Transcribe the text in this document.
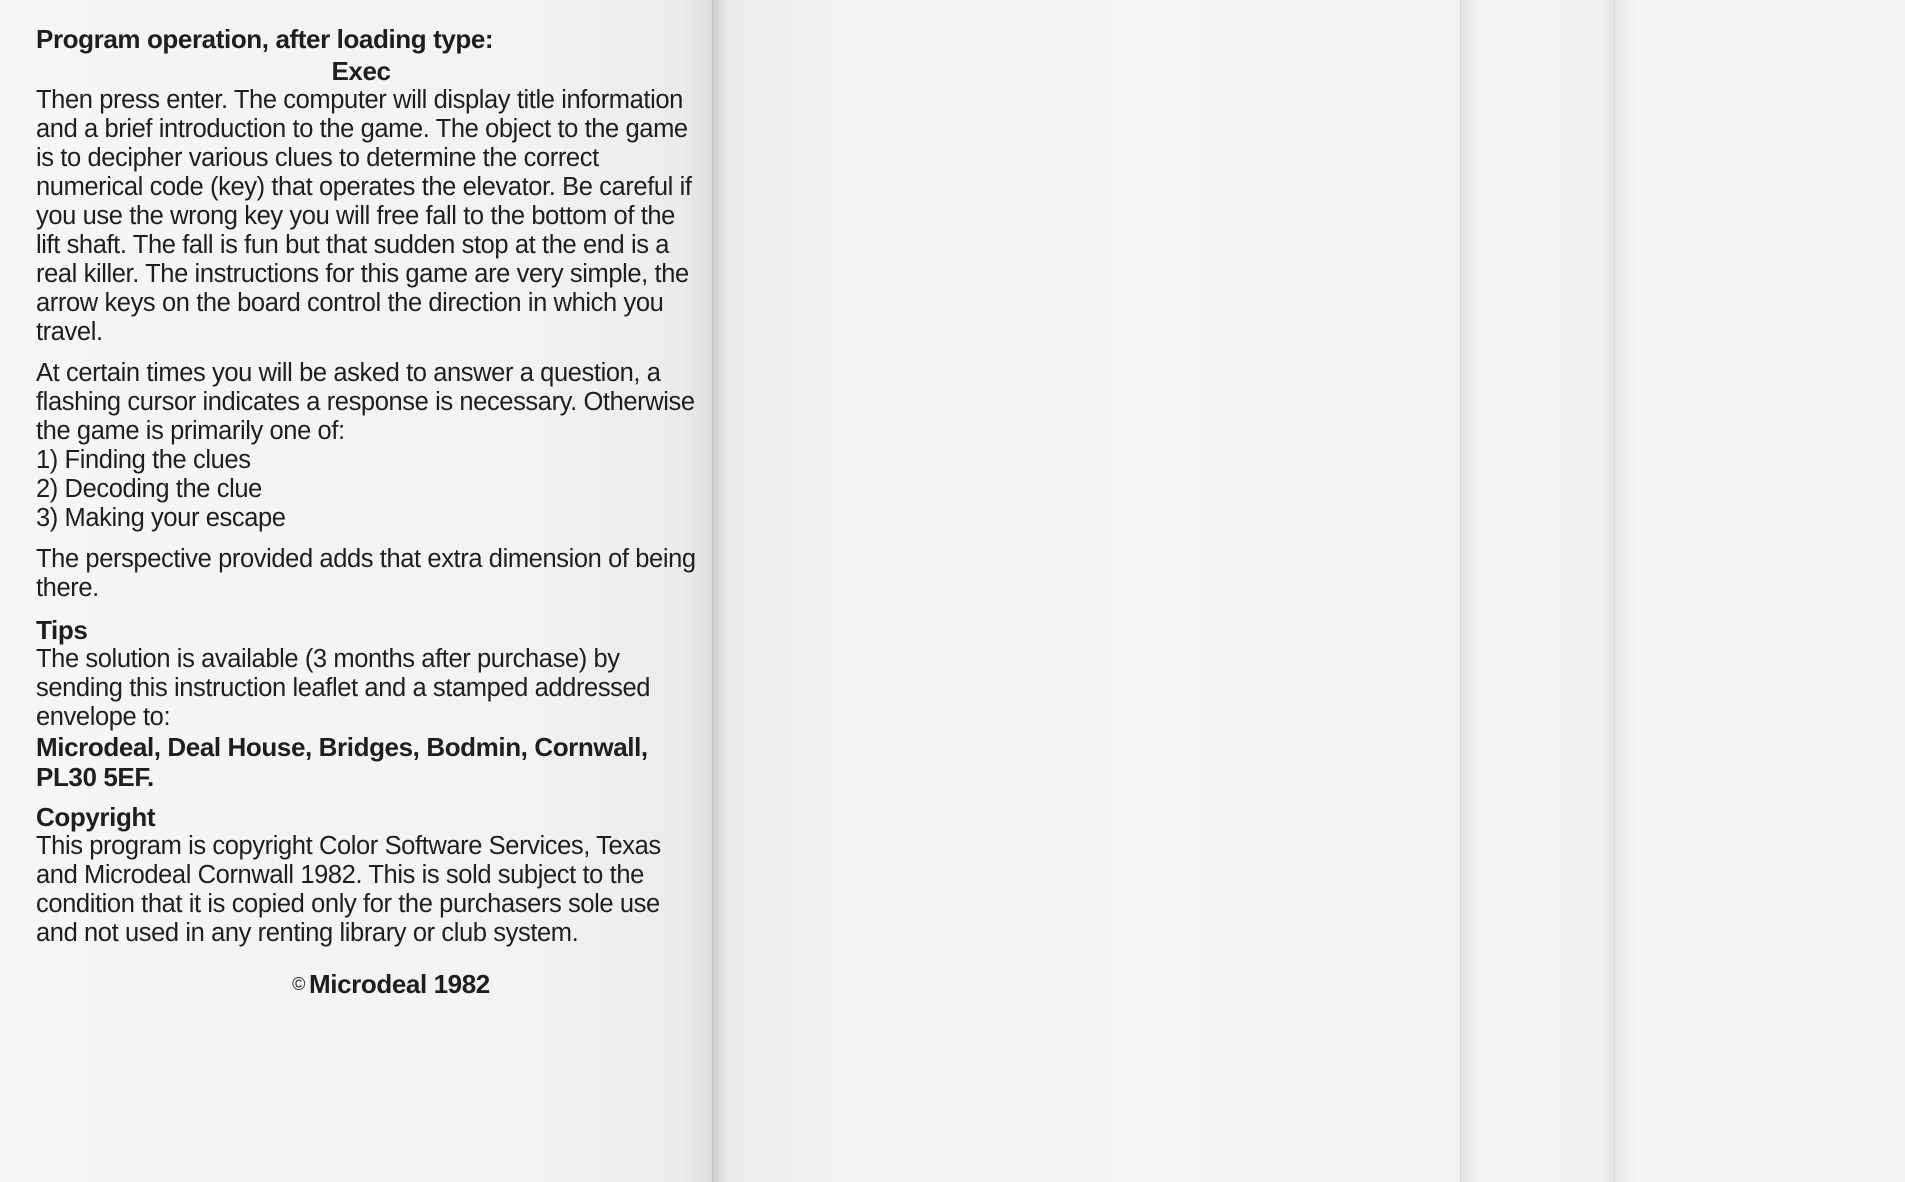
Program operation, after loading type:

Exec

Then press enter. The computer will display title information and a brief introduction to the game. The object to the game is to decipher various clues to determine the correct numerical code (key) that operates the elevator. Be careful if you use the wrong key you will free fall to the bottom of the lift shaft. The fall is fun but that sudden stop at the end is a real killer. The instructions for this game are very simple, the arrow keys on the board control the direction in which you travel.

At certain times you will be asked to answer a question, a flashing cursor indicates a response is necessary. Otherwise the game is primarily one of:

1) Finding the clues
2) Decoding the clue
3) Making your escape

The perspective provided adds that extra dimension of being there.

Tips

The solution is available (3 months after purchase) by sending this instruction leaflet and a stamped addressed envelope to:

Microdeal, Deal House, Bridges, Bodmin, Cornwall, PL30 5EF.

Copyright

This program is copyright Color Software Services, Texas and Microdeal Cornwall 1982. This is sold subject to the condition that it is copied only for the purchasers sole use and not used in any renting library or club system.

© Microdeal 1982
